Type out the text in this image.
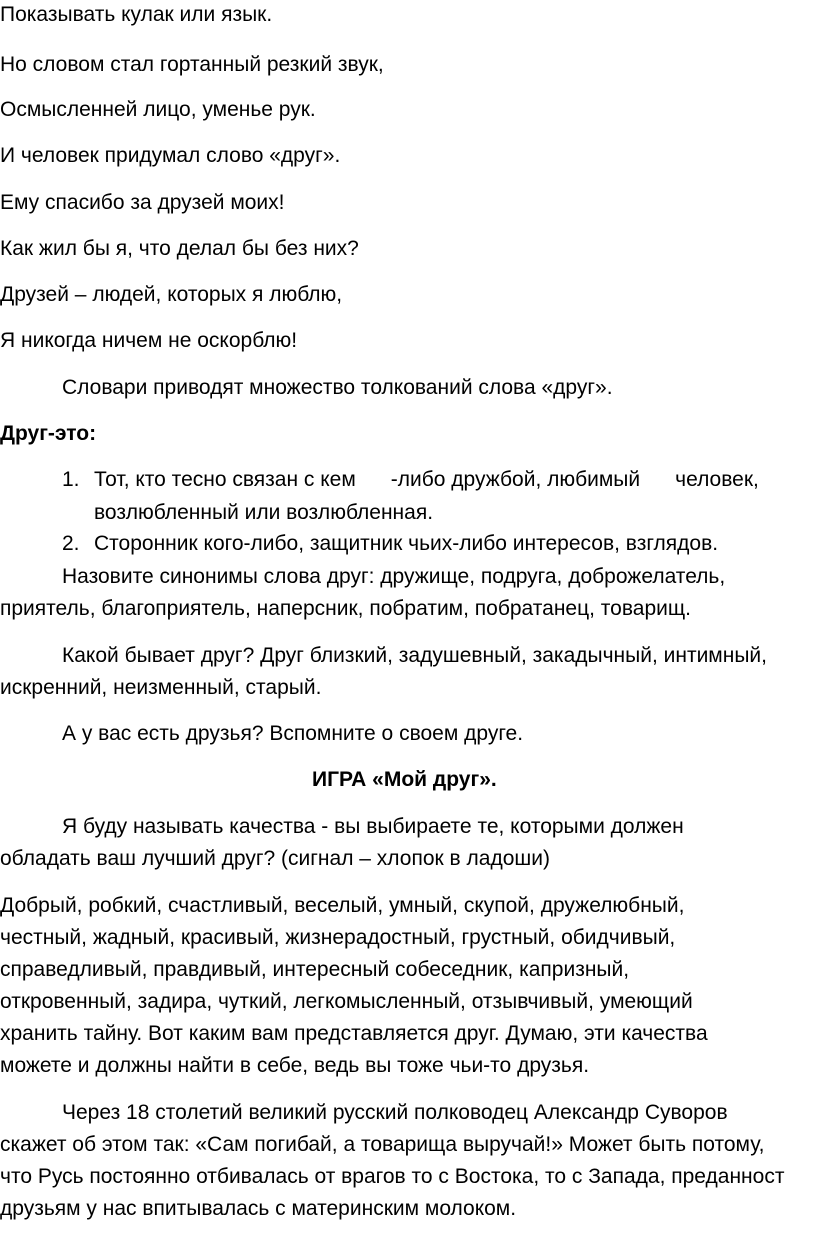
Показывать кулак или язык.

Но словом стал гортанный резкий звук,

Осмысленней лицо, уменье рук.

И человек придумал слово «друг».

Ему спасибо за друзей моих!

Как жил бы я, что делал бы без них?

Друзей – людей, которых я люблю,

Я никогда ничем не оскорблю!

Словари приводят множество толкований слова «друг».

Друг-это:

1. Тот, кто тесно связан с кем      -либо дружбой, любимый      человек,
возлюбленный или возлюбленная.
2. Сторонник кого-либо, защитник чьих-либо интересов, взглядов.

Назовите синонимы слова друг: дружище, подруга, доброжелатель,

приятель, благоприятель, наперсник, побратим, побратанец, товарищ.

Какой бывает друг? Друг близкий, задушевный, закадычный, интимный,

искренний, неизменный, старый.

А у вас есть друзья? Вспомните о своем друге.

ИГРА «Мой друг».

Я буду называть качества - вы выбираете те, которыми должен

обладать ваш лучший друг? (сигнал – хлопок в ладоши)

Добрый, робкий, счастливый, веселый, умный, скупой, дружелюбный,

честный, жадный, красивый, жизнерадостный, грустный, обидчивый,

справедливый, правдивый, интересный собеседник, капризный,

откровенный, задира, чуткий, легкомысленный, отзывчивый, умеющий

хранить тайну. Вот каким вам представляется друг. Думаю, эти качества

можете и должны найти в себе, ведь вы тоже чьи-то друзья.

Через 18 столетий великий русский полководец Александр Суворов

скажет об этом так: «Сам погибай, а товарища выручай!» Может быть потому,

что Русь постоянно отбивалась от врагов то с Востока, то с Запада, преданност

друзьям у нас впитывалась с материнским молоком.
